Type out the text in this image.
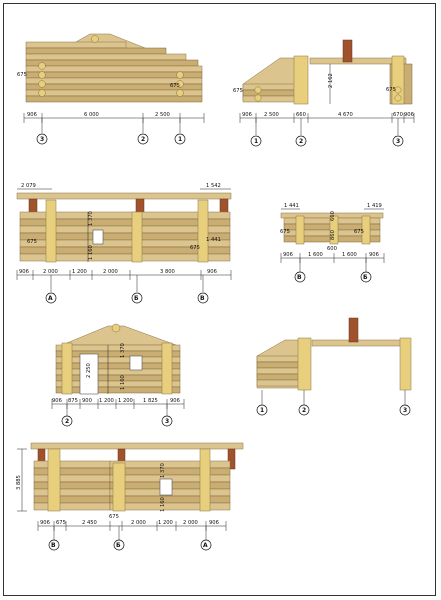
906	6 000	2 500
675
675
3	2	1
906 2 500	660	4 670	670 906
675	675
2 162
1	2	3
2 079	1 542
675
1 370
1 160
906	2 000	1 200	2 000	3 800	906
675
1 441
А	Б	В
1 441	1 419
675
660
860	675
600
906	1 600	1 600 906
В	Б
1 370
2 250
1 160
906 875 900 1 200 1 200 1 825 906
2	3
1	2	3
3 885
1 370
1 160
906 675	2 450
675
2 000 1 200 2 000 906
В	Б	А
